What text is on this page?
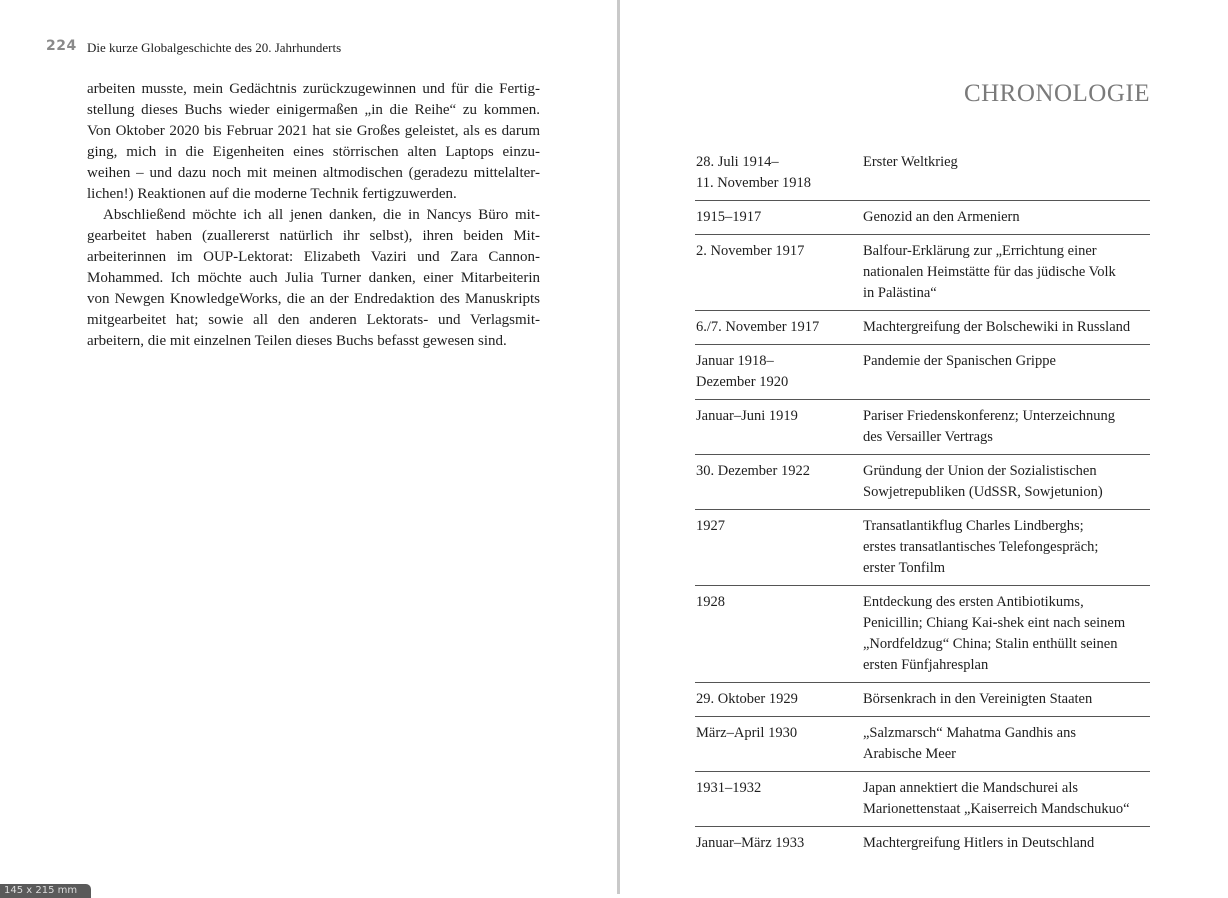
224 Die kurze Globalgeschichte des 20. Jahrhunderts
arbeiten musste, mein Gedächtnis zurückzugewinnen und für die Fertig-
stellung dieses Buchs wieder einigermaßen „in die Reihe“ zu kommen.
Von Oktober 2020 bis Februar 2021 hat sie Großes geleistet, als es darum
ging, mich in die Eigenheiten eines störrischen alten Laptops einzu-
weihen – und dazu noch mit meinen altmodischen (geradezu mittelalter-
lichen!) Reaktionen auf die moderne Technik fertigzuwerden.
Abschließend möchte ich all jenen danken, die in Nancys Büro mit-
gearbeitet haben (zuallererst natürlich ihr selbst), ihren beiden Mit-
arbeiterinnen im OUP-Lektorat: Elizabeth Vaziri und Zara Cannon-
Mohammed. Ich möchte auch Julia Turner danken, einer Mitarbeiterin
von Newgen KnowledgeWorks, die an der Endredaktion des Manuskripts
mitgearbeitet hat; sowie all den anderen Lektorats- und Verlagsmit-
arbeitern, die mit einzelnen Teilen dieses Buchs befasst gewesen sind.
CHRONOLOGIE
28. Juli 1914–
11. November 1918	Erster Weltkrieg
1915–1917	Genozid an den Armeniern
2. November 1917	Balfour-Erklärung zur „Errichtung einer
nationalen Heimstätte für das jüdische Volk
in Palästina“
6./7. November 1917	Machtergreifung der Bolschewiki in Russland
Januar 1918–
Dezember 1920	Pandemie der Spanischen Grippe
Januar–Juni 1919	Pariser Friedenskonferenz; Unterzeichnung
des Versailler Vertrags
30. Dezember 1922	Gründung der Union der Sozialistischen
Sowjetrepubliken (UdSSR, Sowjetunion)
1927	Transatlantikflug Charles Lindberghs;
erstes transatlantisches Telefongespräch;
erster Tonfilm
1928	Entdeckung des ersten Antibiotikums,
Penicillin; Chiang Kai-shek eint nach seinem
„Nordfeldzug“ China; Stalin enthüllt seinen
ersten Fünfjahresplan
29. Oktober 1929	Börsenkrach in den Vereinigten Staaten
März–April 1930	„Salzmarsch“ Mahatma Gandhis ans
Arabische Meer
1931–1932	Japan annektiert die Mandschurei als
Marionettenstaat „Kaiserreich Mandschukuo“
Januar–März 1933	Machtergreifung Hitlers in Deutschland
145 x 215 mm
